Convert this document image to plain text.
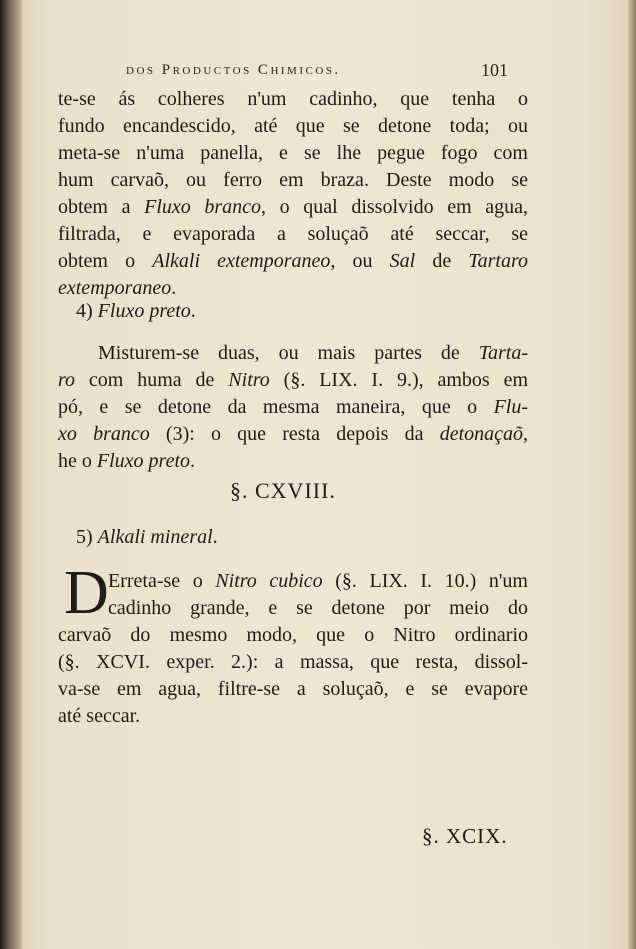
dos Productos Chimicos.	101
te-se ás colheres n'um cadinho, que tenha o
fundo encandescido, até que se detone toda; ou
meta-se n'uma panella, e se lhe pegue fogo com
hum carvaõ, ou ferro em braza. Deste modo se
obtem a Fluxo branco, o qual dissolvido em agua,
filtrada, e evaporada a soluçaõ até seccar, se
obtem o Alkali extemporaneo, ou Sal de Tartaro
extemporaneo.
4) Fluxo preto.
Misturem-se duas, ou mais partes de Tarta-
ro com huma de Nitro (§. LIX. I. 9.), ambos em
pó, e se detone da mesma maneira, que o Flu-
xo branco (3): o que resta depois da detonaçaõ,
he o Fluxo preto.
§. CXVIII.
5) Alkali mineral.
D Erreta-se o Nitro cubico (§. LIX. I. 10.) n'um
cadinho grande, e se detone por meio do
carvaõ do mesmo modo, que o Nitro ordinario
(§. XCVI. exper. 2.): a massa, que resta, dissol-
va-se em agua, filtre-se a soluçaõ, e se evapore
até seccar.
§. XCIX.
